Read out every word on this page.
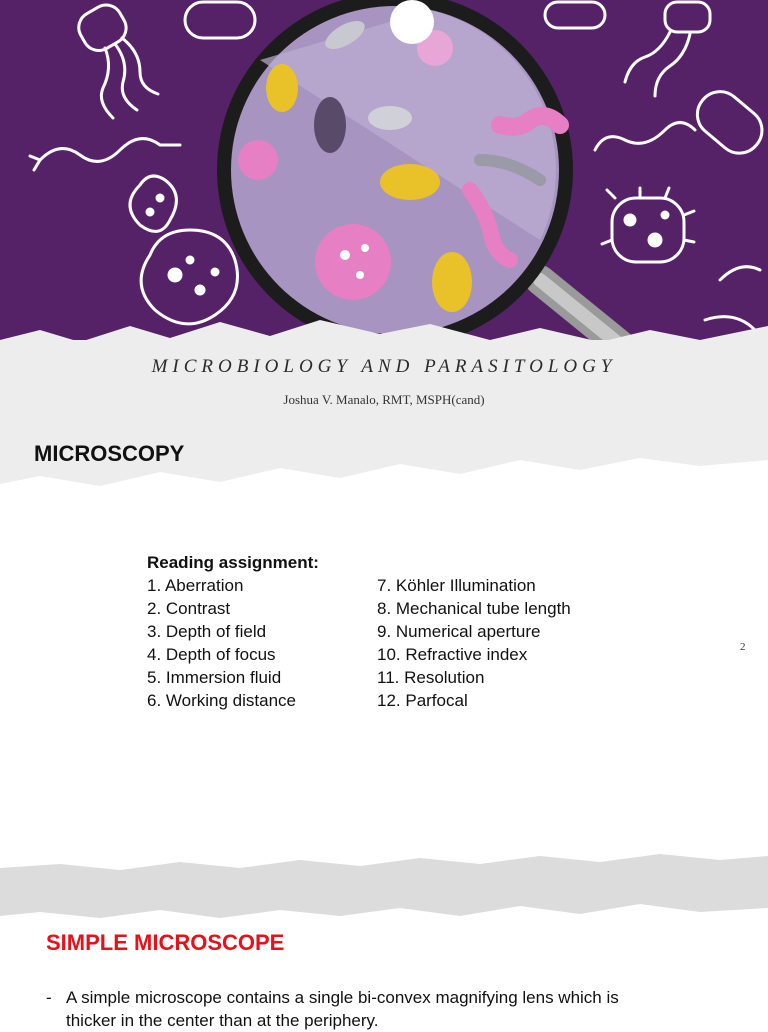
MICROBIOLOGY AND PARASITOLOGY
Joshua V. Manalo, RMT, MSPH(cand)
MICROSCOPY
Reading assignment:
1. Aberration
2. Contrast
3. Depth of field
4. Depth of focus
5. Immersion fluid
6. Working distance
7. Köhler Illumination
8. Mechanical tube length
9. Numerical aperture
10. Refractive index
11. Resolution
12. Parfocal
2
SIMPLE MICROSCOPE
- A simple microscope contains a single bi-convex magnifying lens which is
thicker in the center than at the periphery.
